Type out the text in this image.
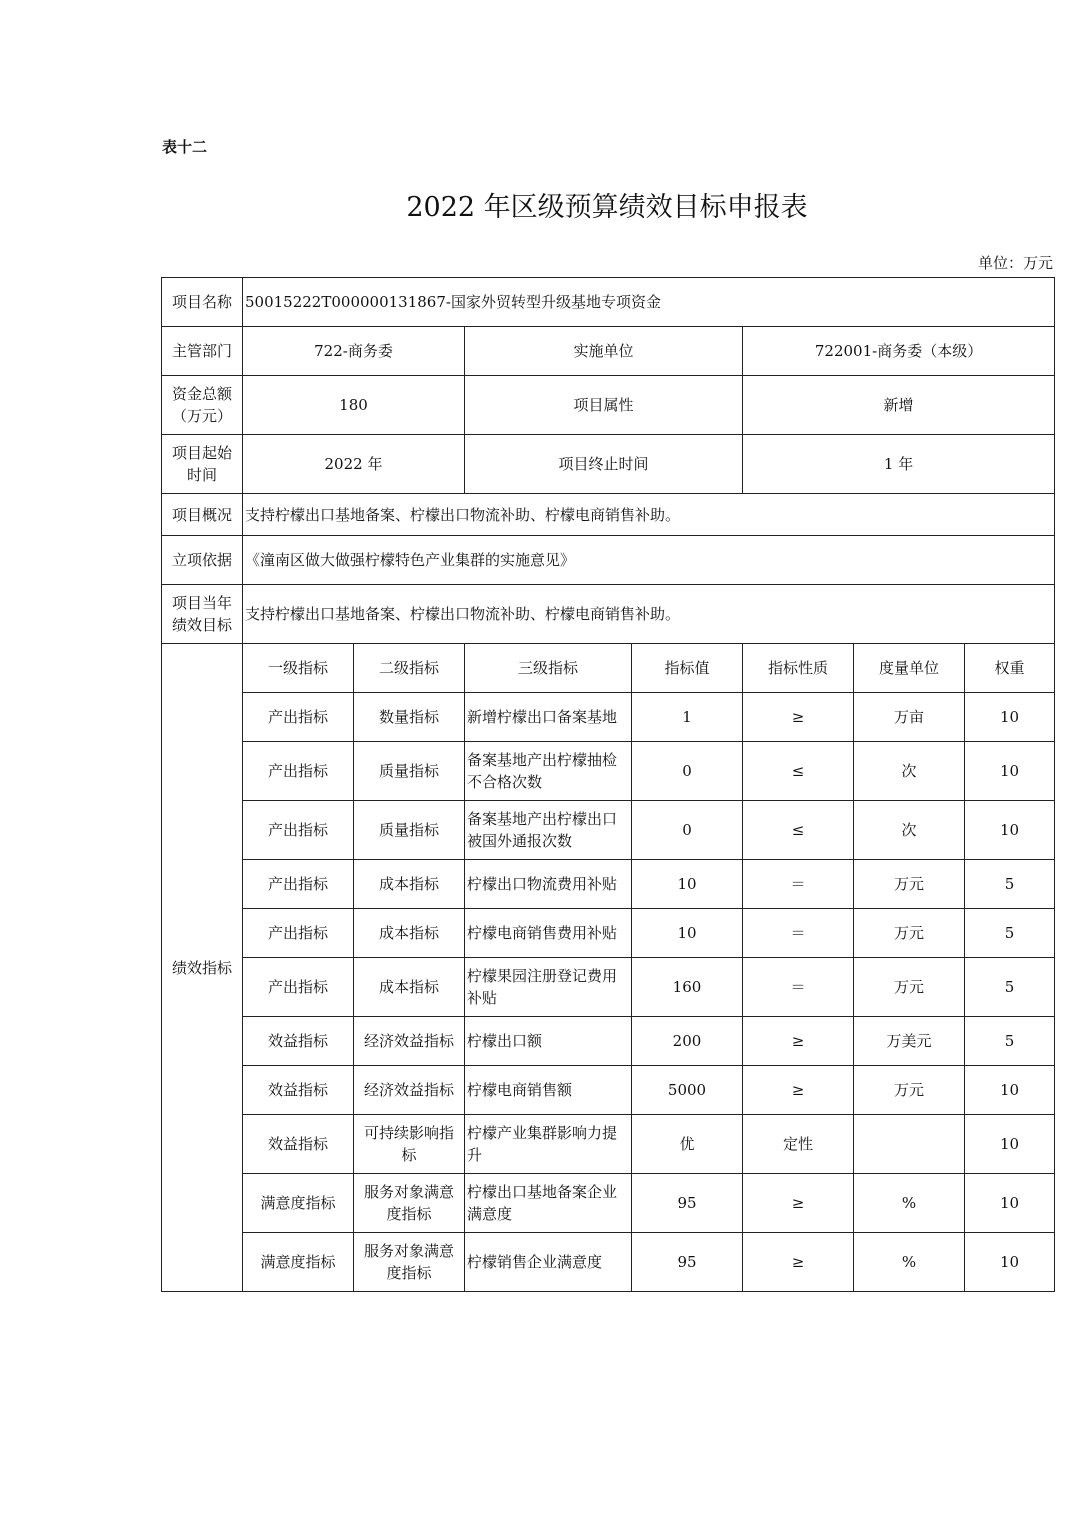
表十二
2022 年区级预算绩效目标申报表
单位：万元
项目名称	50015222T000000131867-国家外贸转型升级基地专项资金						
主管部门	722-商务委		实施单位		722001-商务委（本级）		
资金总额（万元）	180		项目属性		新增		
项目起始时间	2022 年		项目终止时间		1 年		
项目概况	支持柠檬出口基地备案、柠檬出口物流补助、柠檬电商销售补助。						
立项依据	《潼南区做大做强柠檬特色产业集群的实施意见》						
项目当年绩效目标	支持柠檬出口基地备案、柠檬出口物流补助、柠檬电商销售补助。						
绩效指标	一级指标	二级指标	三级指标	指标值	指标性质	度量单位	权重
	产出指标	数量指标	新增柠檬出口备案基地	1	≥	万亩	10
	产出指标	质量指标	备案基地产出柠檬抽检不合格次数	0	≤	次	10
	产出指标	质量指标	备案基地产出柠檬出口被国外通报次数	0	≤	次	10
	产出指标	成本指标	柠檬出口物流费用补贴	10	＝	万元	5
	产出指标	成本指标	柠檬电商销售费用补贴	10	＝	万元	5
	产出指标	成本指标	柠檬果园注册登记费用补贴	160	＝	万元	5
	效益指标	经济效益指标	柠檬出口额	200	≥	万美元	5
	效益指标	经济效益指标	柠檬电商销售额	5000	≥	万元	10
	效益指标	可持续影响指标	柠檬产业集群影响力提升	优	定性		10
	满意度指标	服务对象满意度指标	柠檬出口基地备案企业满意度	95	≥	%	10
	满意度指标	服务对象满意度指标	柠檬销售企业满意度	95	≥	%	10
